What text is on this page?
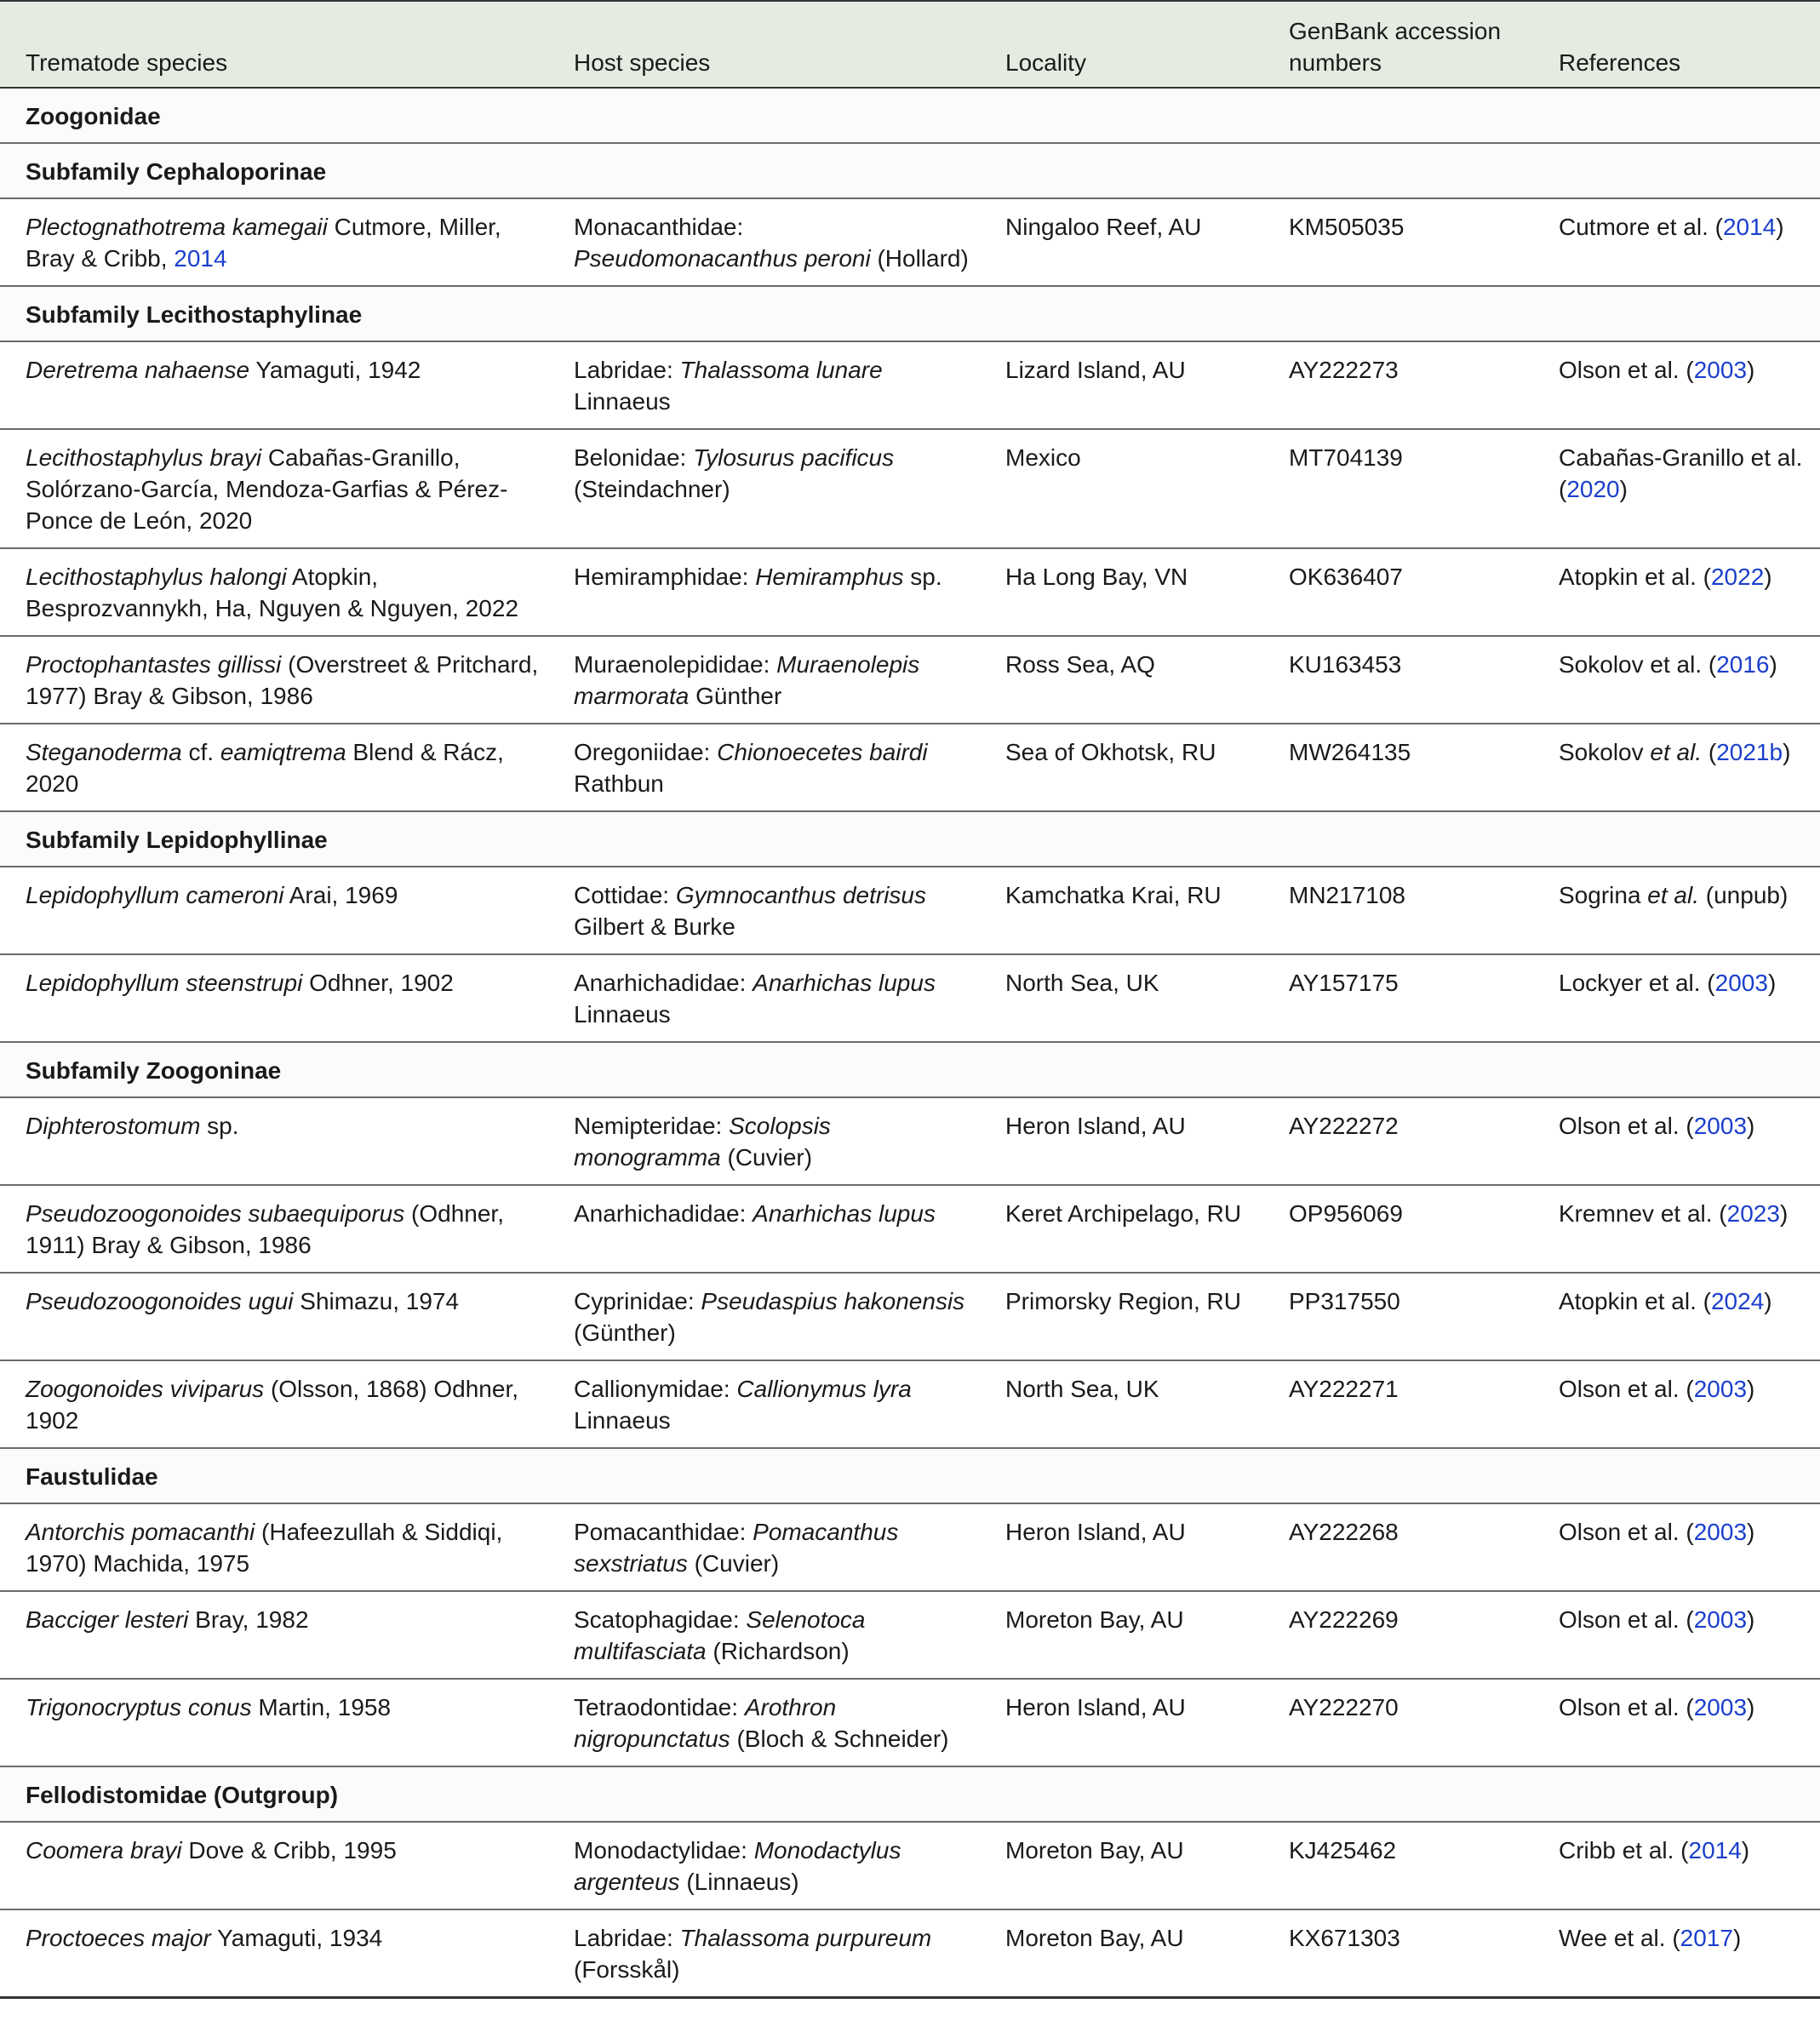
Trematode species	Host species	Locality	GenBank accession numbers	References
Zoogonidae				
Subfamily Cephaloporinae				
Plectognathotrema kamegaii Cutmore, Miller, Bray & Cribb, 2014	Monacanthidae: Pseudomonacanthus peroni (Hollard)	Ningaloo Reef, AU	KM505035	Cutmore et al. (2014)
Subfamily Lecithostaphylinae				
Deretrema nahaense Yamaguti, 1942	Labridae: Thalassoma lunare Linnaeus	Lizard Island, AU	AY222273	Olson et al. (2003)
Lecithostaphylus brayi Cabañas-Granillo, Solórzano-García, Mendoza-Garfias & Pérez-Ponce de León, 2020	Belonidae: Tylosurus pacificus (Steindachner)	Mexico	MT704139	Cabañas-Granillo et al. (2020)
Lecithostaphylus halongi Atopkin, Besprozvannykh, Ha, Nguyen & Nguyen, 2022	Hemiramphidae: Hemiramphus sp.	Ha Long Bay, VN	OK636407	Atopkin et al. (2022)
Proctophantastes gillissi (Overstreet & Pritchard, 1977) Bray & Gibson, 1986	Muraenolepididae: Muraenolepis marmorata Günther	Ross Sea, AQ	KU163453	Sokolov et al. (2016)
Steganoderma cf. eamiqtrema Blend & Rácz, 2020	Oregoniidae: Chionoecetes bairdi Rathbun	Sea of Okhotsk, RU	MW264135	Sokolov et al. (2021b)
Subfamily Lepidophyllinae				
Lepidophyllum cameroni Arai, 1969	Cottidae: Gymnocanthus detrisus Gilbert & Burke	Kamchatka Krai, RU	MN217108	Sogrina et al. (unpub)
Lepidophyllum steenstrupi Odhner, 1902	Anarhichadidae: Anarhichas lupus Linnaeus	North Sea, UK	AY157175	Lockyer et al. (2003)
Subfamily Zoogoninae				
Diphterostomum sp.	Nemipteridae: Scolopsis monogramma (Cuvier)	Heron Island, AU	AY222272	Olson et al. (2003)
Pseudozoogonoides subaequiporus (Odhner, 1911) Bray & Gibson, 1986	Anarhichadidae: Anarhichas lupus	Keret Archipelago, RU	OP956069	Kremnev et al. (2023)
Pseudozoogonoides ugui Shimazu, 1974	Cyprinidae: Pseudaspius hakonensis (Günther)	Primorsky Region, RU	PP317550	Atopkin et al. (2024)
Zoogonoides viviparus (Olsson, 1868) Odhner, 1902	Callionymidae: Callionymus lyra Linnaeus	North Sea, UK	AY222271	Olson et al. (2003)
Faustulidae				
Antorchis pomacanthi (Hafeezullah & Siddiqi, 1970) Machida, 1975	Pomacanthidae: Pomacanthus sexstriatus (Cuvier)	Heron Island, AU	AY222268	Olson et al. (2003)
Bacciger lesteri Bray, 1982	Scatophagidae: Selenotoca multifasciata (Richardson)	Moreton Bay, AU	AY222269	Olson et al. (2003)
Trigonocryptus conus Martin, 1958	Tetraodontidae: Arothron nigropunctatus (Bloch & Schneider)	Heron Island, AU	AY222270	Olson et al. (2003)
Fellodistomidae (Outgroup)				
Coomera brayi Dove & Cribb, 1995	Monodactylidae: Monodactylus argenteus (Linnaeus)	Moreton Bay, AU	KJ425462	Cribb et al. (2014)
Proctoeces major Yamaguti, 1934	Labridae: Thalassoma purpureum (Forsskål)	Moreton Bay, AU	KX671303	Wee et al. (2017)
